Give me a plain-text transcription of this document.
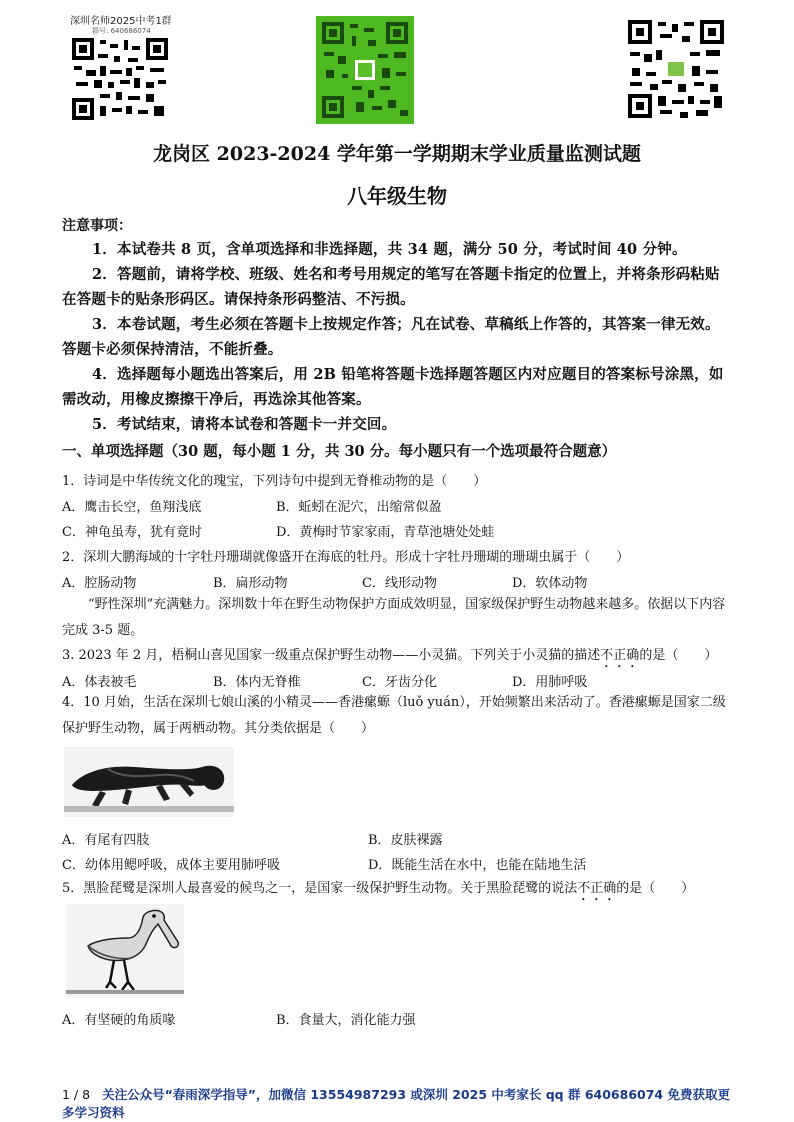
深圳名师2025中考1群
群号: 640686074
龙岗区 2023-2024 学年第一学期期末学业质量监测试题
八年级生物
注意事项：
1．本试卷共 8 页，含单项选择和非选择题，共 34 题，满分 50 分，考试时间 40 分钟。
2．答题前，请将学校、班级、姓名和考号用规定的笔写在答题卡指定的位置上，并将条形码粘贴在答题卡的贴条形码区。请保持条形码整洁、不污损。
3．本卷试题，考生必须在答题卡上按规定作答；凡在试卷、草稿纸上作答的，其答案一律无效。答题卡必须保持清洁，不能折叠。
4．选择题每小题选出答案后，用 2B 铅笔将答题卡选择题答题区内对应题目的答案标号涂黑，如需改动，用橡皮擦擦干净后，再选涂其他答案。
5．考试结束，请将本试卷和答题卡一并交回。
一、单项选择题（30 题，每小题 1 分，共 30 分。每小题只有一个选项最符合题意）
1．诗词是中华传统文化的瑰宝，下列诗句中提到无脊椎动物的是（　　）
A．鹰击长空，鱼翔浅底	B．蚯蚓在泥穴，出缩常似盈
C．神龟虽寿，犹有竟时	D．黄梅时节家家雨，青草池塘处处蛙
2．深圳大鹏海域的十字牡丹珊瑚就像盛开在海底的牡丹。形成十字牡丹珊瑚的珊瑚虫属于（　　）
A．腔肠动物	B．扁形动物	C．线形动物	D．软体动物
“野性深圳”充满魅力。深圳数十年在野生动物保护方面成效明显，国家级保护野生动物越来越多。依据以下内容完成 3-5 题。
3. 2023 年 2 月，梧桐山喜见国家一级重点保护野生动物——小灵猫。下列关于小灵猫的描述不正确的是（　　）
A．体表被毛	B．体内无脊椎	C．牙齿分化	D．用肺呼吸
4．10 月始，生活在深圳七娘山溪的小精灵——香港瘰螈（luǒ yuán），开始频繁出来活动了。香港瘰螈是国家二级保护野生动物，属于两栖动物。其分类依据是（　　）
A．有尾有四肢	B．皮肤裸露
C．幼体用鳃呼吸，成体主要用肺呼吸	D．既能生活在水中，也能在陆地生活
5．黑脸琵鹭是深圳人最喜爱的候鸟之一，是国家一级保护野生动物。关于黑脸琵鹭的说法不正确的是（　　）
A．有坚硬的角质喙	B．食量大，消化能力强
1 / 8 关注公众号“春雨深学指导”，加微信 13554987293 或深圳 2025 中考家长 qq 群 640686074 免费获取更多学习资料
